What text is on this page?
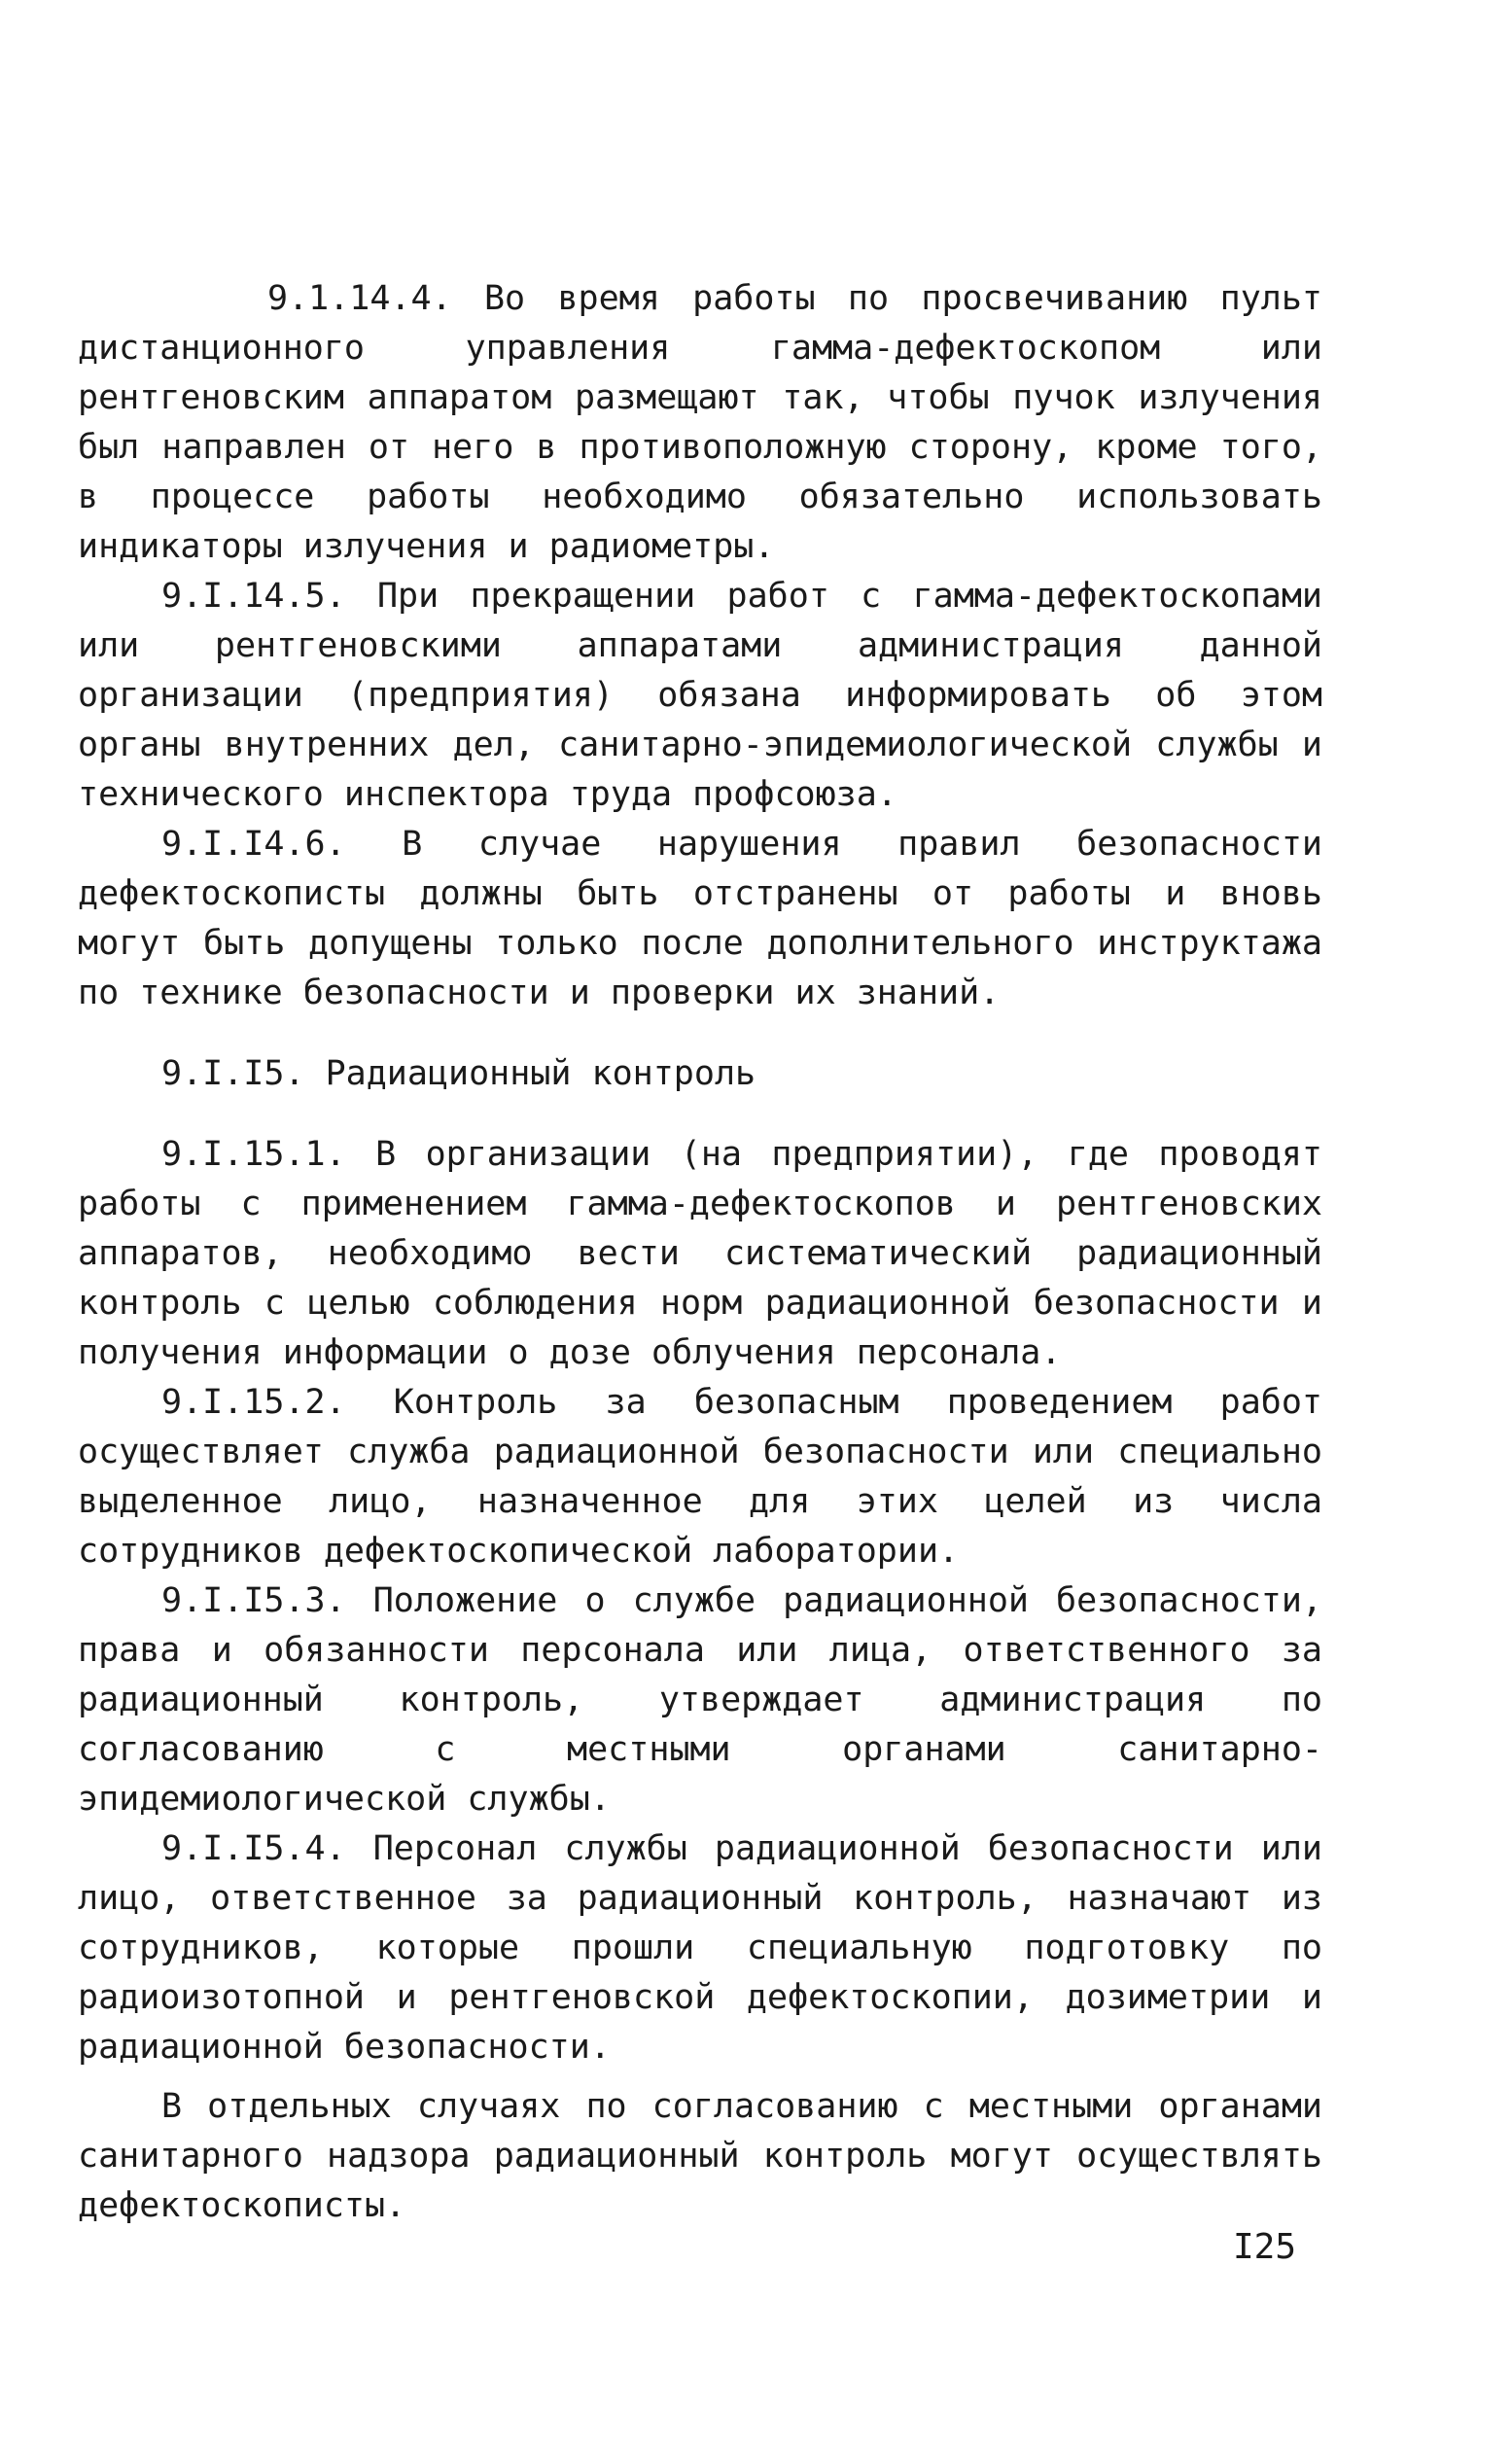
9.1.14.4. Во время работы по просвечиванию пульт дистанционного управления гамма-дефектоскопом или рентгеновским аппаратом размещают так, чтобы пучок излучения был направлен от него в противоположную сторону, кроме того, в процессе работы необходимо обязательно использовать индикаторы излучения и радиометры.

9.I.14.5. При прекращении работ с гамма-дефектоскопами или рентгеновскими аппаратами администрация данной организации (предприятия) обязана информировать об этом органы внутренних дел, санитарно-эпидемиологической службы и технического инспектора труда профсоюза.

9.I.I4.6. В случае нарушения правил безопасности дефектоскописты должны быть отстранены от работы и вновь могут быть допущены только после дополнительного инструктажа по технике безопасности и проверки их знаний.

9.I.I5. Радиационный контроль

9.I.15.1. В организации (на предприятии), где проводят работы с применением гамма-дефектоскопов и рентгеновских аппаратов, необходимо вести систематический радиационный контроль с целью соблюдения норм радиационной безопасности и получения информации о дозе облучения персонала.

9.I.15.2. Контроль за безопасным проведением работ осуществляет служба радиационной безопасности или специально выделенное лицо, назначенное для этих целей из числа сотрудников дефектоскопической лаборатории.

9.I.I5.3. Положение о службе радиационной безопасности, права и обязанности персонала или лица, ответственного за радиационный контроль, утверждает администрация по согласованию с местными органами санитарно-эпидемиологической службы.

9.I.I5.4. Персонал службы радиационной безопасности или лицо, ответственное за радиационный контроль, назначают из сотрудников, которые прошли специальную подготовку по радиоизотопной и рентгеновской дефектоскопии, дозиметрии и радиационной безопасности.

В отдельных случаях по согласованию с местными органами санитарного надзора радиационный контроль могут осуществлять дефектоскописты.

I25
